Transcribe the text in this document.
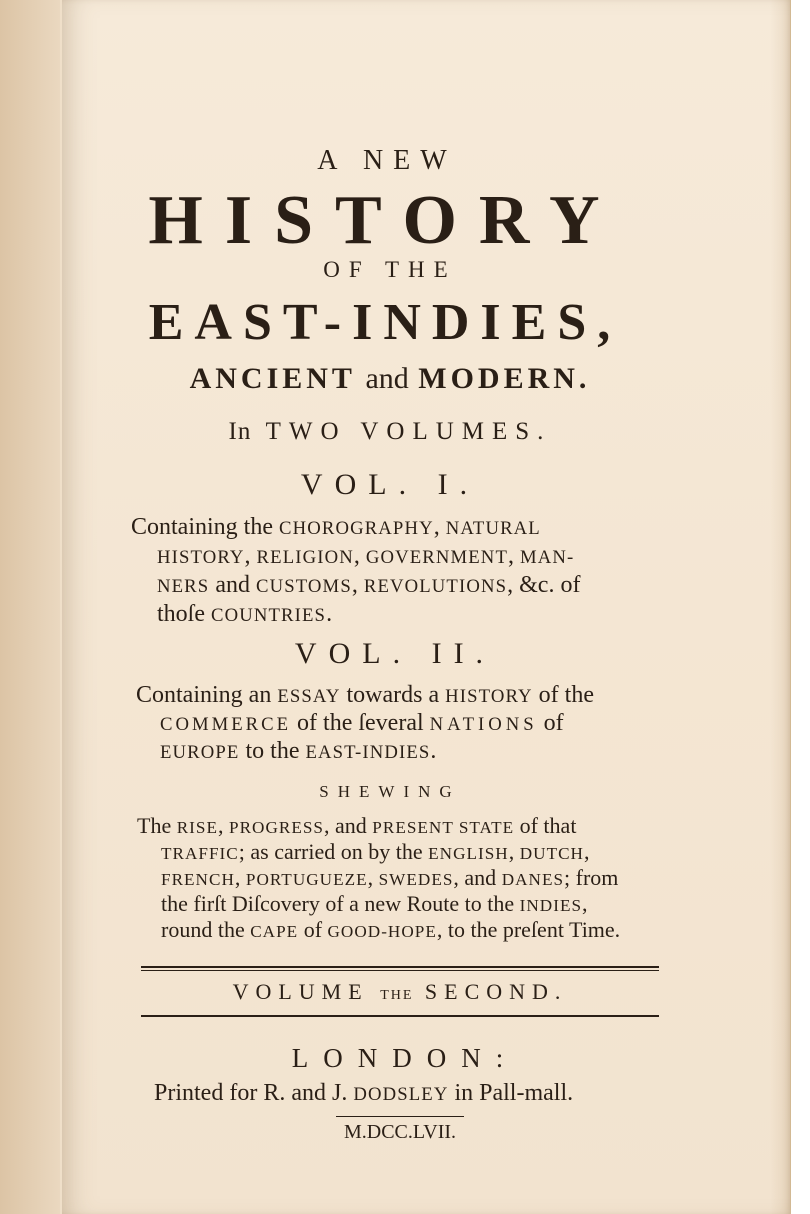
A NEW
HISTORY
OF THE
EAST-INDIES,
ANCIENT and MODERN.
In TWO VOLUMES.
VOL. I.
Containing the CHOROGRAPHY, NATURAL
HISTORY, RELIGION, GOVERNMENT, MAN-
NERS and CUSTOMS, REVOLUTIONS, &c. of
thoſe COUNTRIES.
VOL. II.
Containing an ESSAY towards a HISTORY of the
COMMERCE of the ſeveral NATIONS of
EUROPE to the EAST-INDIES.
SHEWING
The RISE, PROGRESS, and PRESENT STATE of that
TRAFFIC; as carried on by the ENGLISH, DUTCH,
FRENCH, PORTUGUEZE, SWEDES, and DANES; from
the firſt Diſcovery of a new Route to the INDIES,
round the CAPE of GOOD-HOPE, to the preſent Time.
VOLUME THE SECOND.
LONDON:
Printed for R. and J. DODSLEY in Pall-mall.
M.DCC.LVII.
